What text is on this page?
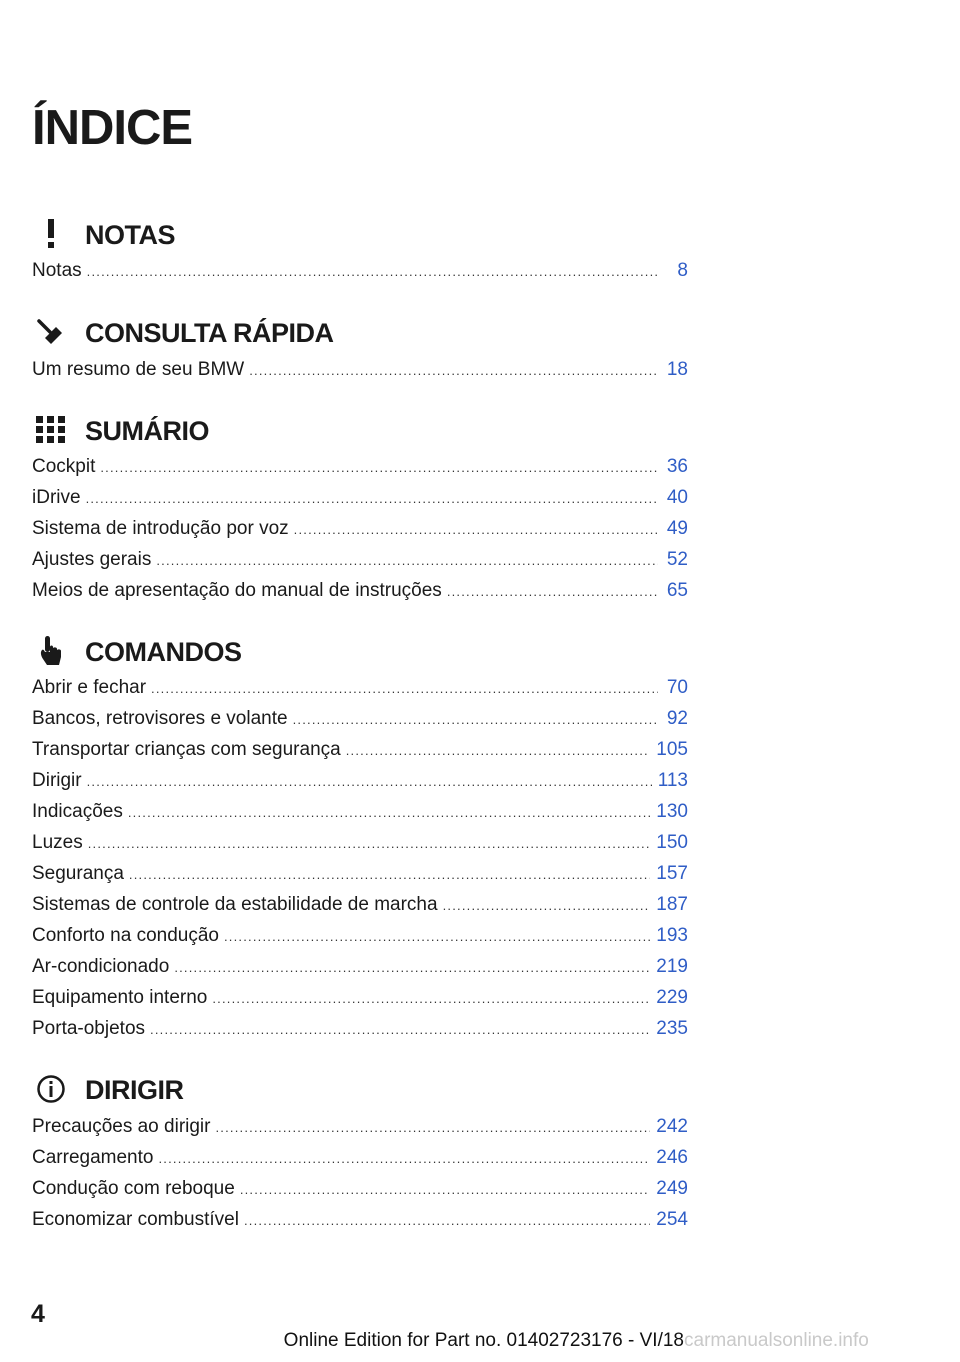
ÍNDICE
NOTAS
Notas .....	8
CONSULTA RÁPIDA
Um resumo de seu BMW .....	18
SUMÁRIO
Cockpit .....	36
iDrive .....	40
Sistema de introdução por voz .....	49
Ajustes gerais .....	52
Meios de apresentação do manual de instruções .....	65
COMANDOS
Abrir e fechar .....	70
Bancos, retrovisores e volante .....	92
Transportar crianças com segurança .....	105
Dirigir .....	113
Indicações .....	130
Luzes .....	150
Segurança .....	157
Sistemas de controle da estabilidade de marcha .....	187
Conforto na condução .....	193
Ar-condicionado .....	219
Equipamento interno .....	229
Porta-objetos .....	235
DIRIGIR
Precauções ao dirigir .....	242
Carregamento .....	246
Condução com reboque .....	249
Economizar combustível .....	254
4
Online Edition for Part no. 01402723176 - VI/18 carmanualsonline.info
